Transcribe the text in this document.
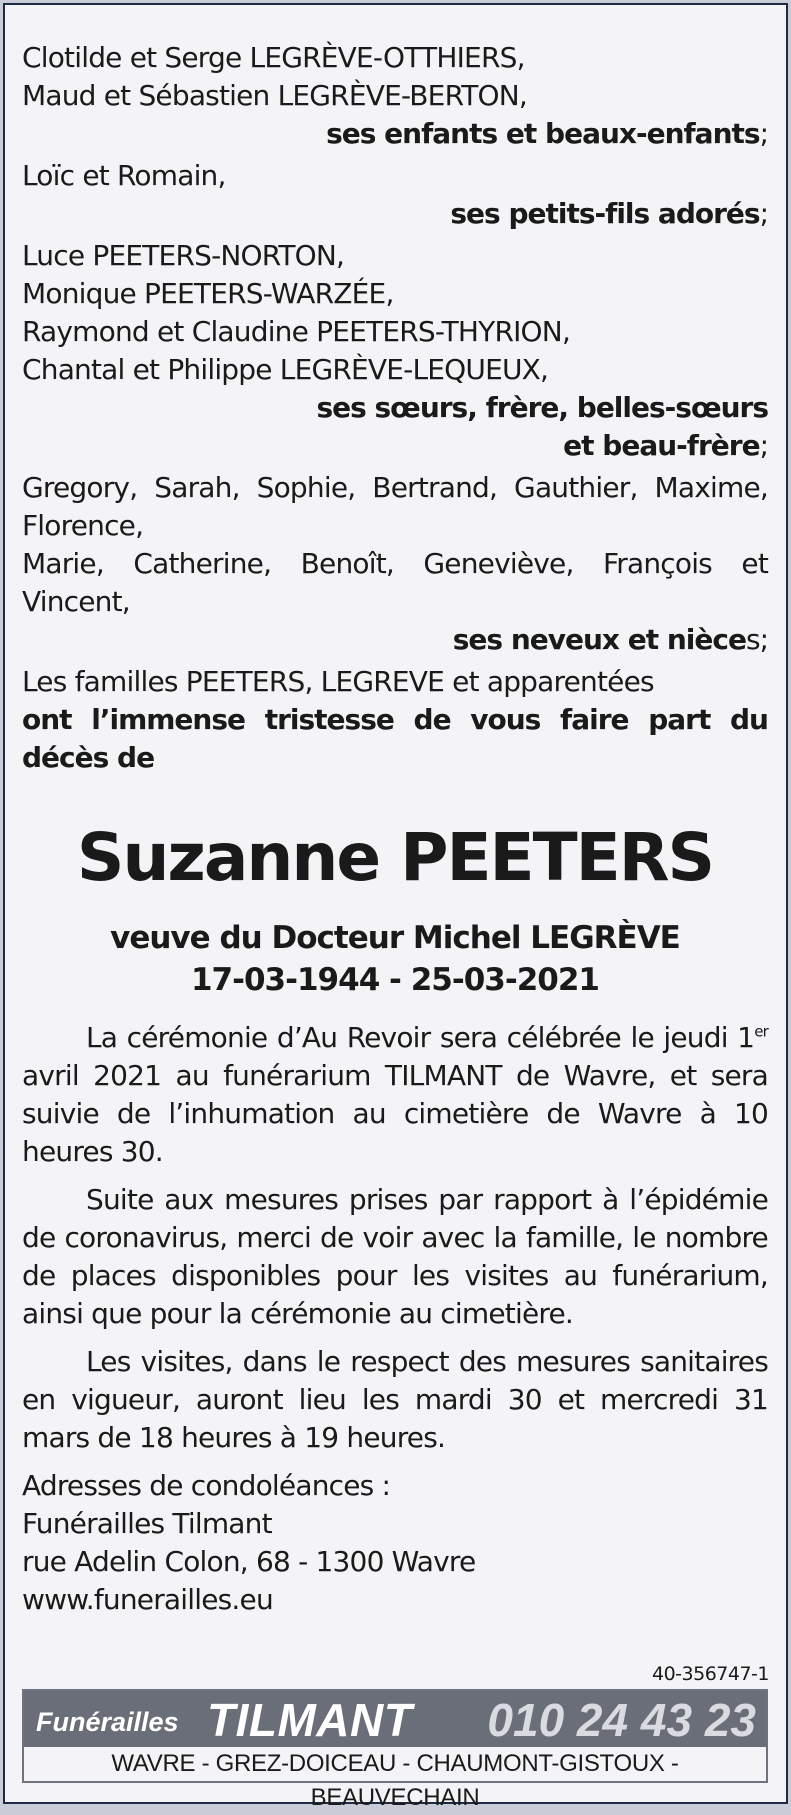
Clotilde et Serge LEGRÈVE-OTTHIERS,
Maud et Sébastien LEGRÈVE-BERTON,
ses enfants et beaux-enfants;
Loïc et Romain,
ses petits-fils adorés;
Luce PEETERS-NORTON,
Monique PEETERS-WARZÉE,
Raymond et Claudine PEETERS-THYRION,
Chantal et Philippe LEGRÈVE-LEQUEUX,
ses sœurs, frère, belles-sœurs
et beau-frère;
Gregory, Sarah, Sophie, Bertrand, Gauthier, Maxime, Florence,
Marie, Catherine, Benoît, Geneviève, François et Vincent,
ses neveux et nièces;
Les familles PEETERS, LEGREVE et apparentées
ont l’immense tristesse de vous faire part du décès de
Suzanne PEETERS
veuve du Docteur Michel LEGRÈVE
17-03-1944 - 25-03-2021
La cérémonie d’Au Revoir sera célébrée le jeudi 1er avril 2021 au funérarium TILMANT de Wavre, et sera suivie de l’inhumation au cimetière de Wavre à 10 heures 30.
Suite aux mesures prises par rapport à l’épidémie de coronavirus, merci de voir avec la famille, le nombre de places disponibles pour les visites au funérarium, ainsi que pour la cérémonie au cimetière.
Les visites, dans le respect des mesures sanitaires en vigueur, auront lieu les mardi 30 et mercredi 31 mars de 18 heures à 19 heures.
Adresses de condoléances :
Funérailles Tilmant
rue Adelin Colon, 68 - 1300 Wavre
www.funerailles.eu
40-356747-1
Funérailles TILMANT 010 24 43 23
WAVRE - GREZ-DOICEAU - CHAUMONT-GISTOUX - BEAUVECHAIN
